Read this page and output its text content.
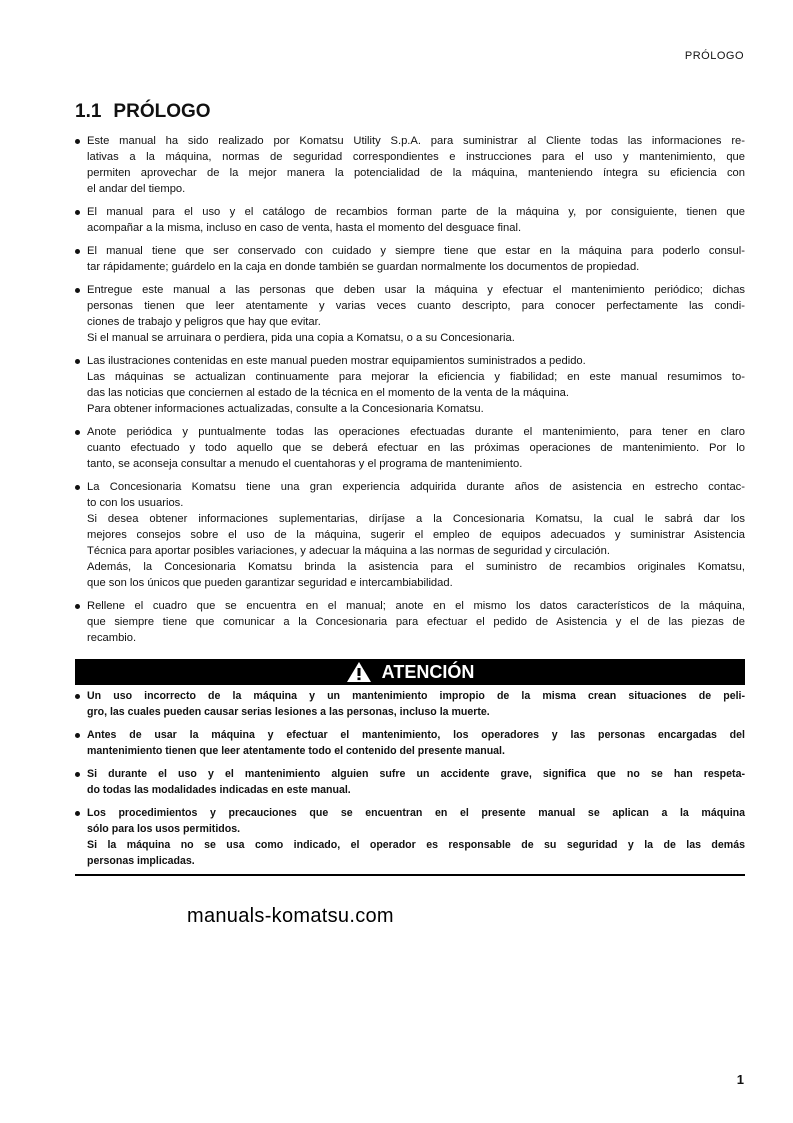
PRÓLOGO
1.1 PRÓLOGO
Este manual ha sido realizado por Komatsu Utility S.p.A. para suministrar al Cliente todas las informaciones re-
lativas a la máquina, normas de seguridad correspondientes e instrucciones para el uso y mantenimiento, que
permiten aprovechar de la mejor manera la potencialidad de la máquina, manteniendo íntegra su eficiencia con
el andar del tiempo.
El manual para el uso y el catálogo de recambios forman parte de la máquina y, por consiguiente, tienen que
acompañar a la misma, incluso en caso de venta, hasta el momento del desguace final.
El manual tiene que ser conservado con cuidado y siempre tiene que estar en la máquina para poderlo consul-
tar rápidamente; guárdelo en la caja en donde también se guardan normalmente los documentos de propiedad.
Entregue este manual a las personas que deben usar la máquina y efectuar el mantenimiento periódico; dichas
personas tienen que leer atentamente y varias veces cuanto descripto, para conocer perfectamente las condi-
ciones de trabajo y peligros que hay que evitar.
Si el manual se arruinara o perdiera, pida una copia a Komatsu, o a su Concesionaria.
Las ilustraciones contenidas en este manual pueden mostrar equipamientos suministrados a pedido.
Las máquinas se actualizan continuamente para mejorar la eficiencia y fiabilidad; en este manual resumimos to-
das las noticias que conciernen al estado de la técnica en el momento de la venta de la máquina.
Para obtener informaciones actualizadas, consulte a la Concesionaria Komatsu.
Anote periódica y puntualmente todas las operaciones efectuadas durante el mantenimiento, para tener en claro
cuanto efectuado y todo aquello que se deberá efectuar en las próximas operaciones de mantenimiento. Por lo
tanto, se aconseja consultar a menudo el cuentahoras y el programa de mantenimiento.
La Concesionaria Komatsu tiene una gran experiencia adquirida durante años de asistencia en estrecho contac-
to con los usuarios.
Si desea obtener informaciones suplementarias, diríjase a la Concesionaria Komatsu, la cual le sabrá dar los
mejores consejos sobre el uso de la máquina, sugerir el empleo de equipos adecuados y suministrar Asistencia
Técnica para aportar posibles variaciones, y adecuar la máquina a las normas de seguridad y circulación.
Además, la Concesionaria Komatsu brinda la asistencia para el suministro de recambios originales Komatsu,
que son los únicos que pueden garantizar seguridad e intercambiabilidad.
Rellene el cuadro que se encuentra en el manual; anote en el mismo los datos característicos de la máquina,
que siempre tiene que comunicar a la Concesionaria para efectuar el pedido de Asistencia y el de las piezas de
recambio.
ATENCIÓN
Un uso incorrecto de la máquina y un mantenimiento impropio de la misma crean situaciones de peli-
gro, las cuales pueden causar serias lesiones a las personas, incluso la muerte.
Antes de usar la máquina y efectuar el mantenimiento, los operadores y las personas encargadas del
mantenimiento tienen que leer atentamente todo el contenido del presente manual.
Si durante el uso y el mantenimiento alguien sufre un accidente grave, significa que no se han respeta-
do todas las modalidades indicadas en este manual.
Los procedimientos y precauciones que se encuentran en el presente manual se aplican a la máquina
sólo para los usos permitidos.
Si la máquina no se usa como indicado, el operador es responsable de su seguridad y la de las demás
personas implicadas.
manuals-komatsu.com
1
